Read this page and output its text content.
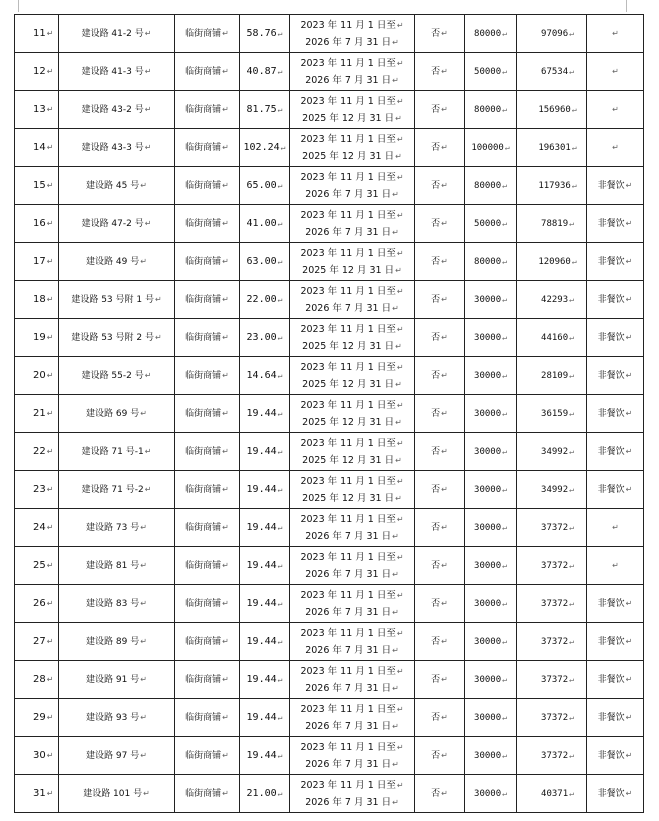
11↵	建设路 41-2 号↵	临街商铺↵	58.76↵	2023 年 11 月 1 日至↵
2026 年 7 月 31 日↵	否↵	80000↵	97096↵	↵
12↵	建设路 41-3 号↵	临街商铺↵	40.87↵	2023 年 11 月 1 日至↵
2026 年 7 月 31 日↵	否↵	50000↵	67534↵	↵
13↵	建设路 43-2 号↵	临街商铺↵	81.75↵	2023 年 11 月 1 日至↵
2025 年 12 月 31 日↵	否↵	80000↵	156960↵	↵
14↵	建设路 43-3 号↵	临街商铺↵	102.24↵	2023 年 11 月 1 日至↵
2025 年 12 月 31 日↵	否↵	100000↵	196301↵	↵
15↵	建设路 45 号↵	临街商铺↵	65.00↵	2023 年 11 月 1 日至↵
2026 年 7 月 31 日↵	否↵	80000↵	117936↵	非餐饮↵
16↵	建设路 47-2 号↵	临街商铺↵	41.00↵	2023 年 11 月 1 日至↵
2026 年 7 月 31 日↵	否↵	50000↵	78819↵	非餐饮↵
17↵	建设路 49 号↵	临街商铺↵	63.00↵	2023 年 11 月 1 日至↵
2025 年 12 月 31 日↵	否↵	80000↵	120960↵	非餐饮↵
18↵	建设路 53 号附 1 号↵	临街商铺↵	22.00↵	2023 年 11 月 1 日至↵
2026 年 7 月 31 日↵	否↵	30000↵	42293↵	非餐饮↵
19↵	建设路 53 号附 2 号↵	临街商铺↵	23.00↵	2023 年 11 月 1 日至↵
2025 年 12 月 31 日↵	否↵	30000↵	44160↵	非餐饮↵
20↵	建设路 55-2 号↵	临街商铺↵	14.64↵	2023 年 11 月 1 日至↵
2025 年 12 月 31 日↵	否↵	30000↵	28109↵	非餐饮↵
21↵	建设路 69 号↵	临街商铺↵	19.44↵	2023 年 11 月 1 日至↵
2025 年 12 月 31 日↵	否↵	30000↵	36159↵	非餐饮↵
22↵	建设路 71 号-1↵	临街商铺↵	19.44↵	2023 年 11 月 1 日至↵
2025 年 12 月 31 日↵	否↵	30000↵	34992↵	非餐饮↵
23↵	建设路 71 号-2↵	临街商铺↵	19.44↵	2023 年 11 月 1 日至↵
2025 年 12 月 31 日↵	否↵	30000↵	34992↵	非餐饮↵
24↵	建设路 73 号↵	临街商铺↵	19.44↵	2023 年 11 月 1 日至↵
2026 年 7 月 31 日↵	否↵	30000↵	37372↵	↵
25↵	建设路 81 号↵	临街商铺↵	19.44↵	2023 年 11 月 1 日至↵
2026 年 7 月 31 日↵	否↵	30000↵	37372↵	↵
26↵	建设路 83 号↵	临街商铺↵	19.44↵	2023 年 11 月 1 日至↵
2026 年 7 月 31 日↵	否↵	30000↵	37372↵	非餐饮↵
27↵	建设路 89 号↵	临街商铺↵	19.44↵	2023 年 11 月 1 日至↵
2026 年 7 月 31 日↵	否↵	30000↵	37372↵	非餐饮↵
28↵	建设路 91 号↵	临街商铺↵	19.44↵	2023 年 11 月 1 日至↵
2026 年 7 月 31 日↵	否↵	30000↵	37372↵	非餐饮↵
29↵	建设路 93 号↵	临街商铺↵	19.44↵	2023 年 11 月 1 日至↵
2026 年 7 月 31 日↵	否↵	30000↵	37372↵	非餐饮↵
30↵	建设路 97 号↵	临街商铺↵	19.44↵	2023 年 11 月 1 日至↵
2026 年 7 月 31 日↵	否↵	30000↵	37372↵	非餐饮↵
31↵	建设路 101 号↵	临街商铺↵	21.00↵	2023 年 11 月 1 日至↵
2026 年 7 月 31 日↵	否↵	30000↵	40371↵	非餐饮↵
